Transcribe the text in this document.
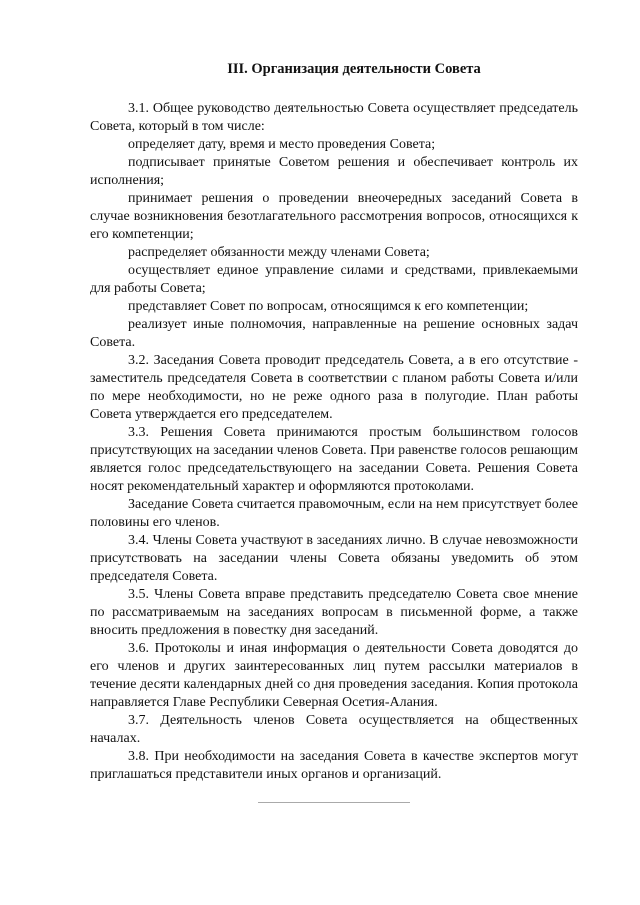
III. Организация деятельности Совета

3.1. Общее руководство деятельностью Совета осуществляет председатель Совета, который в том числе:

определяет дату, время и место проведения Совета;

подписывает принятые Советом решения и обеспечивает контроль их исполнения;

принимает решения о проведении внеочередных заседаний Совета в случае возникновения безотлагательного рассмотрения вопросов, относящихся к его компетенции;

распределяет обязанности между членами Совета;

осуществляет единое управление силами и средствами, привлекаемыми для работы Совета;

представляет Совет по вопросам, относящимся к его компетенции;

реализует иные полномочия, направленные на решение основных задач Совета.

3.2. Заседания Совета проводит председатель Совета, а в его отсутствие - заместитель председателя Совета в соответствии с планом работы Совета и/или по мере необходимости, но не реже одного раза в полугодие. План работы Совета утверждается его председателем.

3.3. Решения Совета принимаются простым большинством голосов присутствующих на заседании членов Совета. При равенстве голосов решающим является голос председательствующего на заседании Совета. Решения Совета носят рекомендательный характер и оформляются протоколами.

Заседание Совета считается правомочным, если на нем присутствует более половины его членов.

3.4. Члены Совета участвуют в заседаниях лично. В случае невозможности присутствовать на заседании члены Совета обязаны уведомить об этом председателя Совета.

3.5. Члены Совета вправе представить председателю Совета свое мнение по рассматриваемым на заседаниях вопросам в письменной форме, а также вносить предложения в повестку дня заседаний.

3.6. Протоколы и иная информация о деятельности Совета доводятся до его членов и других заинтересованных лиц путем рассылки материалов в течение десяти календарных дней со дня проведения заседания. Копия протокола направляется Главе Республики Северная Осетия-Алания.

3.7. Деятельность членов Совета осуществляется на общественных началах.

3.8. При необходимости на заседания Совета в качестве экспертов могут приглашаться представители иных органов и организаций.
